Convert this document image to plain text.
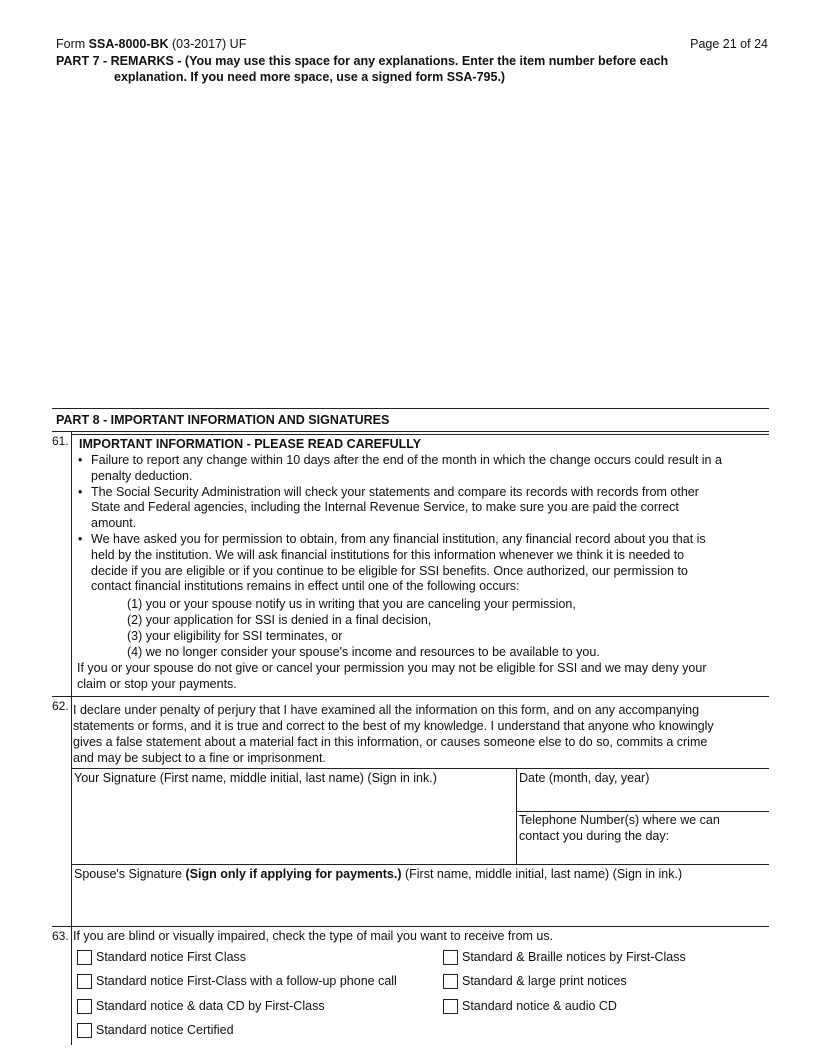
Form SSA-8000-BK (03-2017) UF	Page 21 of 24
PART 7 - REMARKS - (You may use this space for any explanations. Enter the item number before each
explanation. If you need more space, use a signed form SSA-795.)
PART 8 - IMPORTANT INFORMATION AND SIGNATURES
61. IMPORTANT INFORMATION - PLEASE READ CAREFULLY
• Failure to report any change within 10 days after the end of the month in which the change occurs could result in a
penalty deduction.
• The Social Security Administration will check your statements and compare its records with records from other
State and Federal agencies, including the Internal Revenue Service, to make sure you are paid the correct
amount.
• We have asked you for permission to obtain, from any financial institution, any financial record about you that is
held by the institution. We will ask financial institutions for this information whenever we think it is needed to
decide if you are eligible or if you continue to be eligible for SSI benefits. Once authorized, our permission to
contact financial institutions remains in effect until one of the following occurs:
(1) you or your spouse notify us in writing that you are canceling your permission,
(2) your application for SSI is denied in a final decision,
(3) your eligibility for SSI terminates, or
(4) we no longer consider your spouse's income and resources to be available to you.
If you or your spouse do not give or cancel your permission you may not be eligible for SSI and we may deny your
claim or stop your payments.
62. I declare under penalty of perjury that I have examined all the information on this form, and on any accompanying
statements or forms, and it is true and correct to the best of my knowledge. I understand that anyone who knowingly
gives a false statement about a material fact in this information, or causes someone else to do so, commits a crime
and may be subject to a fine or imprisonment.
Your Signature (First name, middle initial, last name) (Sign in ink.)	Date (month, day, year)
Telephone Number(s) where we can
contact you during the day:
Spouse's Signature (Sign only if applying for payments.) (First name, middle initial, last name) (Sign in ink.)
63. If you are blind or visually impaired, check the type of mail you want to receive from us.
Standard notice First Class
Standard notice First-Class with a follow-up phone call
Standard notice & data CD by First-Class
Standard notice Certified
Standard & Braille notices by First-Class
Standard & large print notices
Standard notice & audio CD
